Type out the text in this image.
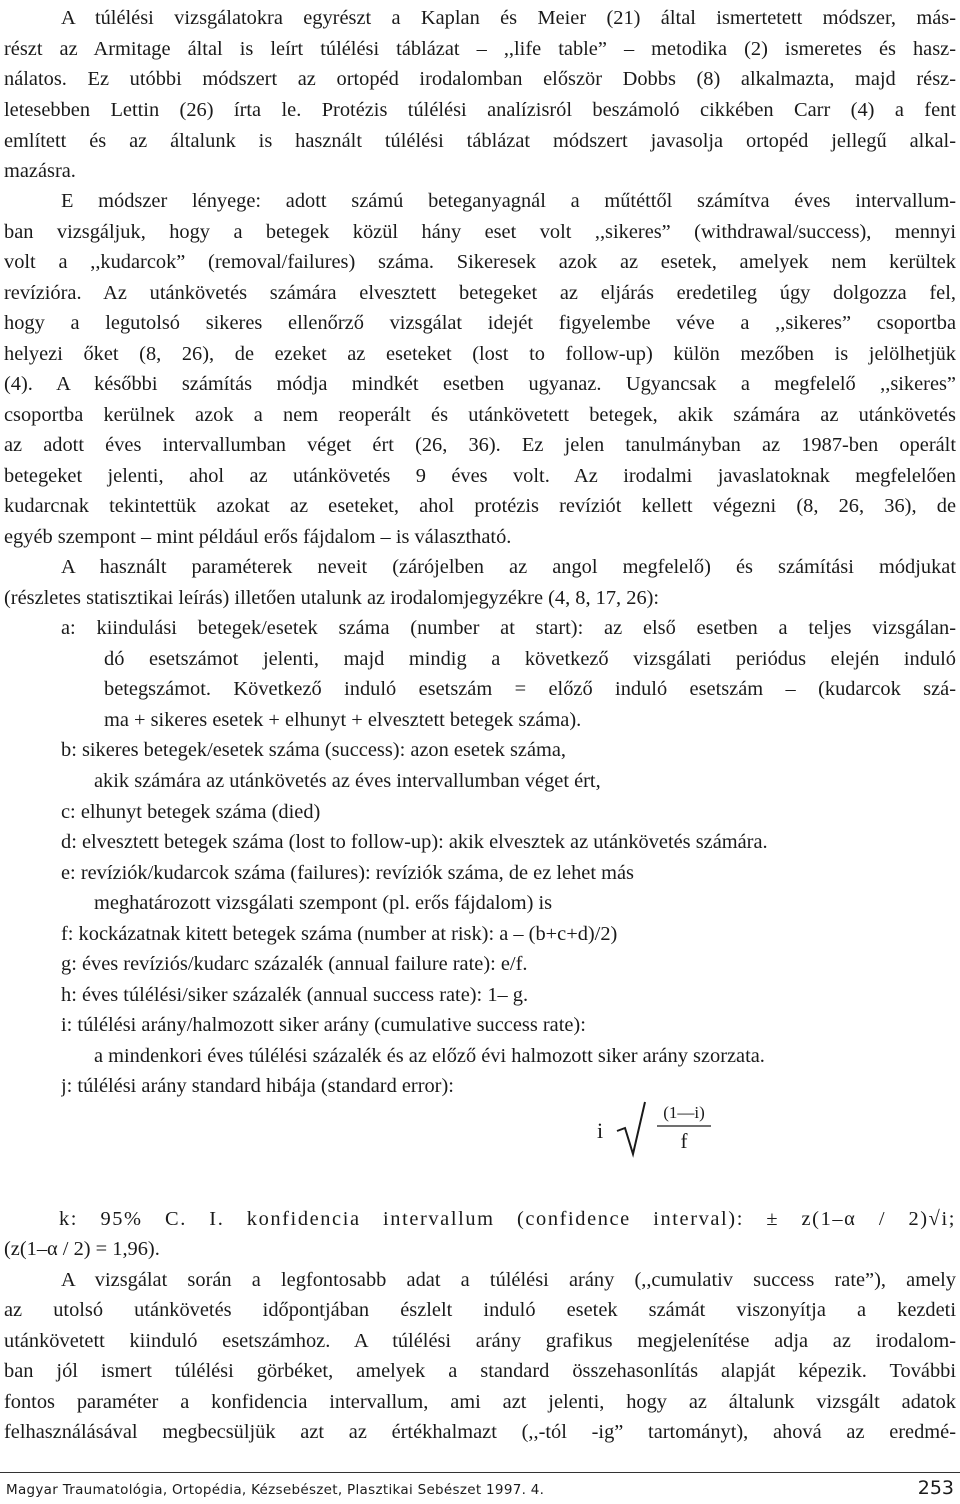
A túlélési vizsgálatokra egyrészt a Kaplan és Meier (21) által ismertetett módszer, más-
részt az Armitage által is leírt túlélési táblázat – ,,life table” – metodika (2) ismeretes és hasz-
nálatos. Ez utóbbi módszert az ortopéd irodalomban először Dobbs (8) alkalmazta, majd rész-
letesebben Lettin (26) írta le. Protézis túlélési analízisról beszámoló cikkében Carr (4) a fent
említett és az általunk is használt túlélési táblázat módszert javasolja ortopéd jellegű alkal-
mazásra.
E módszer lényege: adott számú beteganyagnál a műtéttől számítva éves intervallum-
ban vizsgáljuk, hogy a betegek közül hány eset volt ,,sikeres” (withdrawal/success), mennyi
volt a ,,kudarcok” (removal/failures) száma. Sikeresek azok az esetek, amelyek nem kerültek
revízióra. Az utánkövetés számára elvesztett betegeket az eljárás eredetileg úgy dolgozza fel,
hogy a legutolsó sikeres ellenőrző vizsgálat idejét figyelembe véve a ,,sikeres” csoportba
helyezi őket (8, 26), de ezeket az eseteket (lost to follow-up) külön mezőben is jelölhetjük
(4). A későbbi számítás módja mindkét esetben ugyanaz. Ugyancsak a megfelelő ,,sikeres”
csoportba kerülnek azok a nem reoperált és utánkövetett betegek, akik számára az utánkövetés
az adott éves intervallumban véget ért (26, 36). Ez jelen tanulmányban az 1987-ben operált
betegeket jelenti, ahol az utánkövetés 9 éves volt. Az irodalmi javaslatoknak megfelelően
kudarcnak tekintettük azokat az eseteket, ahol protézis revíziót kellett végezni (8, 26, 36), de
egyéb szempont – mint például erős fájdalom – is választható.
A használt paraméterek neveit (zárójelben az angol megfelelő) és számítási módjukat
(részletes statisztikai leírás) illetően utalunk az irodalomjegyzékre (4, 8, 17, 26):
a: kiindulási betegek/esetek száma (number at start): az első esetben a teljes vizsgálan-
dó esetszámot jelenti, majd mindig a következő vizsgálati periódus elején induló
betegszámot. Következő induló esetszám = előző induló esetszám – (kudarcok szá-
ma + sikeres esetek + elhunyt + elvesztett betegek száma).
b: sikeres betegek/esetek száma (success): azon esetek száma,
akik számára az utánkövetés az éves intervallumban véget ért,
c: elhunyt betegek száma (died)
d: elvesztett betegek száma (lost to follow-up): akik elvesztek az utánkövetés számára.
e: revíziók/kudarcok száma (failures): revíziók száma, de ez lehet más
meghatározott vizsgálati szempont (pl. erős fájdalom) is
f: kockázatnak kitett betegek száma (number at risk): a – (b+c+d)/2)
g: éves revíziós/kudarc százalék (annual failure rate): e/f.
h: éves túlélési/siker százalék (annual success rate): 1– g.
i: túlélési arány/halmozott siker arány (cumulative success rate):
a mindenkori éves túlélési százalék és az előző évi halmozott siker arány szorzata.
j: túlélési arány standard hibája (standard error):
i
(1—i)
f
k: 95% C. I. konfidencia intervallum (confidence interval): ± z(1–α / 2)√i;
(z(1–α / 2) = 1,96).
A vizsgálat során a legfontosabb adat a túlélési arány (,,cumulativ success rate”), amely
az utolsó utánkövetés időpontjában észlelt induló esetek számát viszonyítja a kezdeti
utánkövetett kiinduló esetszámhoz. A túlélési arány grafikus megjelenítése adja az irodalom-
ban jól ismert túlélési görbéket, amelyek a standard összehasonlítás alapját képezik. További
fontos paraméter a konfidencia intervallum, ami azt jelenti, hogy az általunk vizsgált adatok
felhasználásával megbecsüljük azt az értékhalmazt (,,-tól -ig” tartományt), ahová az eredmé-
Magyar Traumatológia, Ortopédia, Kézsebészet, Plasztikai Sebészet 1997. 4.	253
